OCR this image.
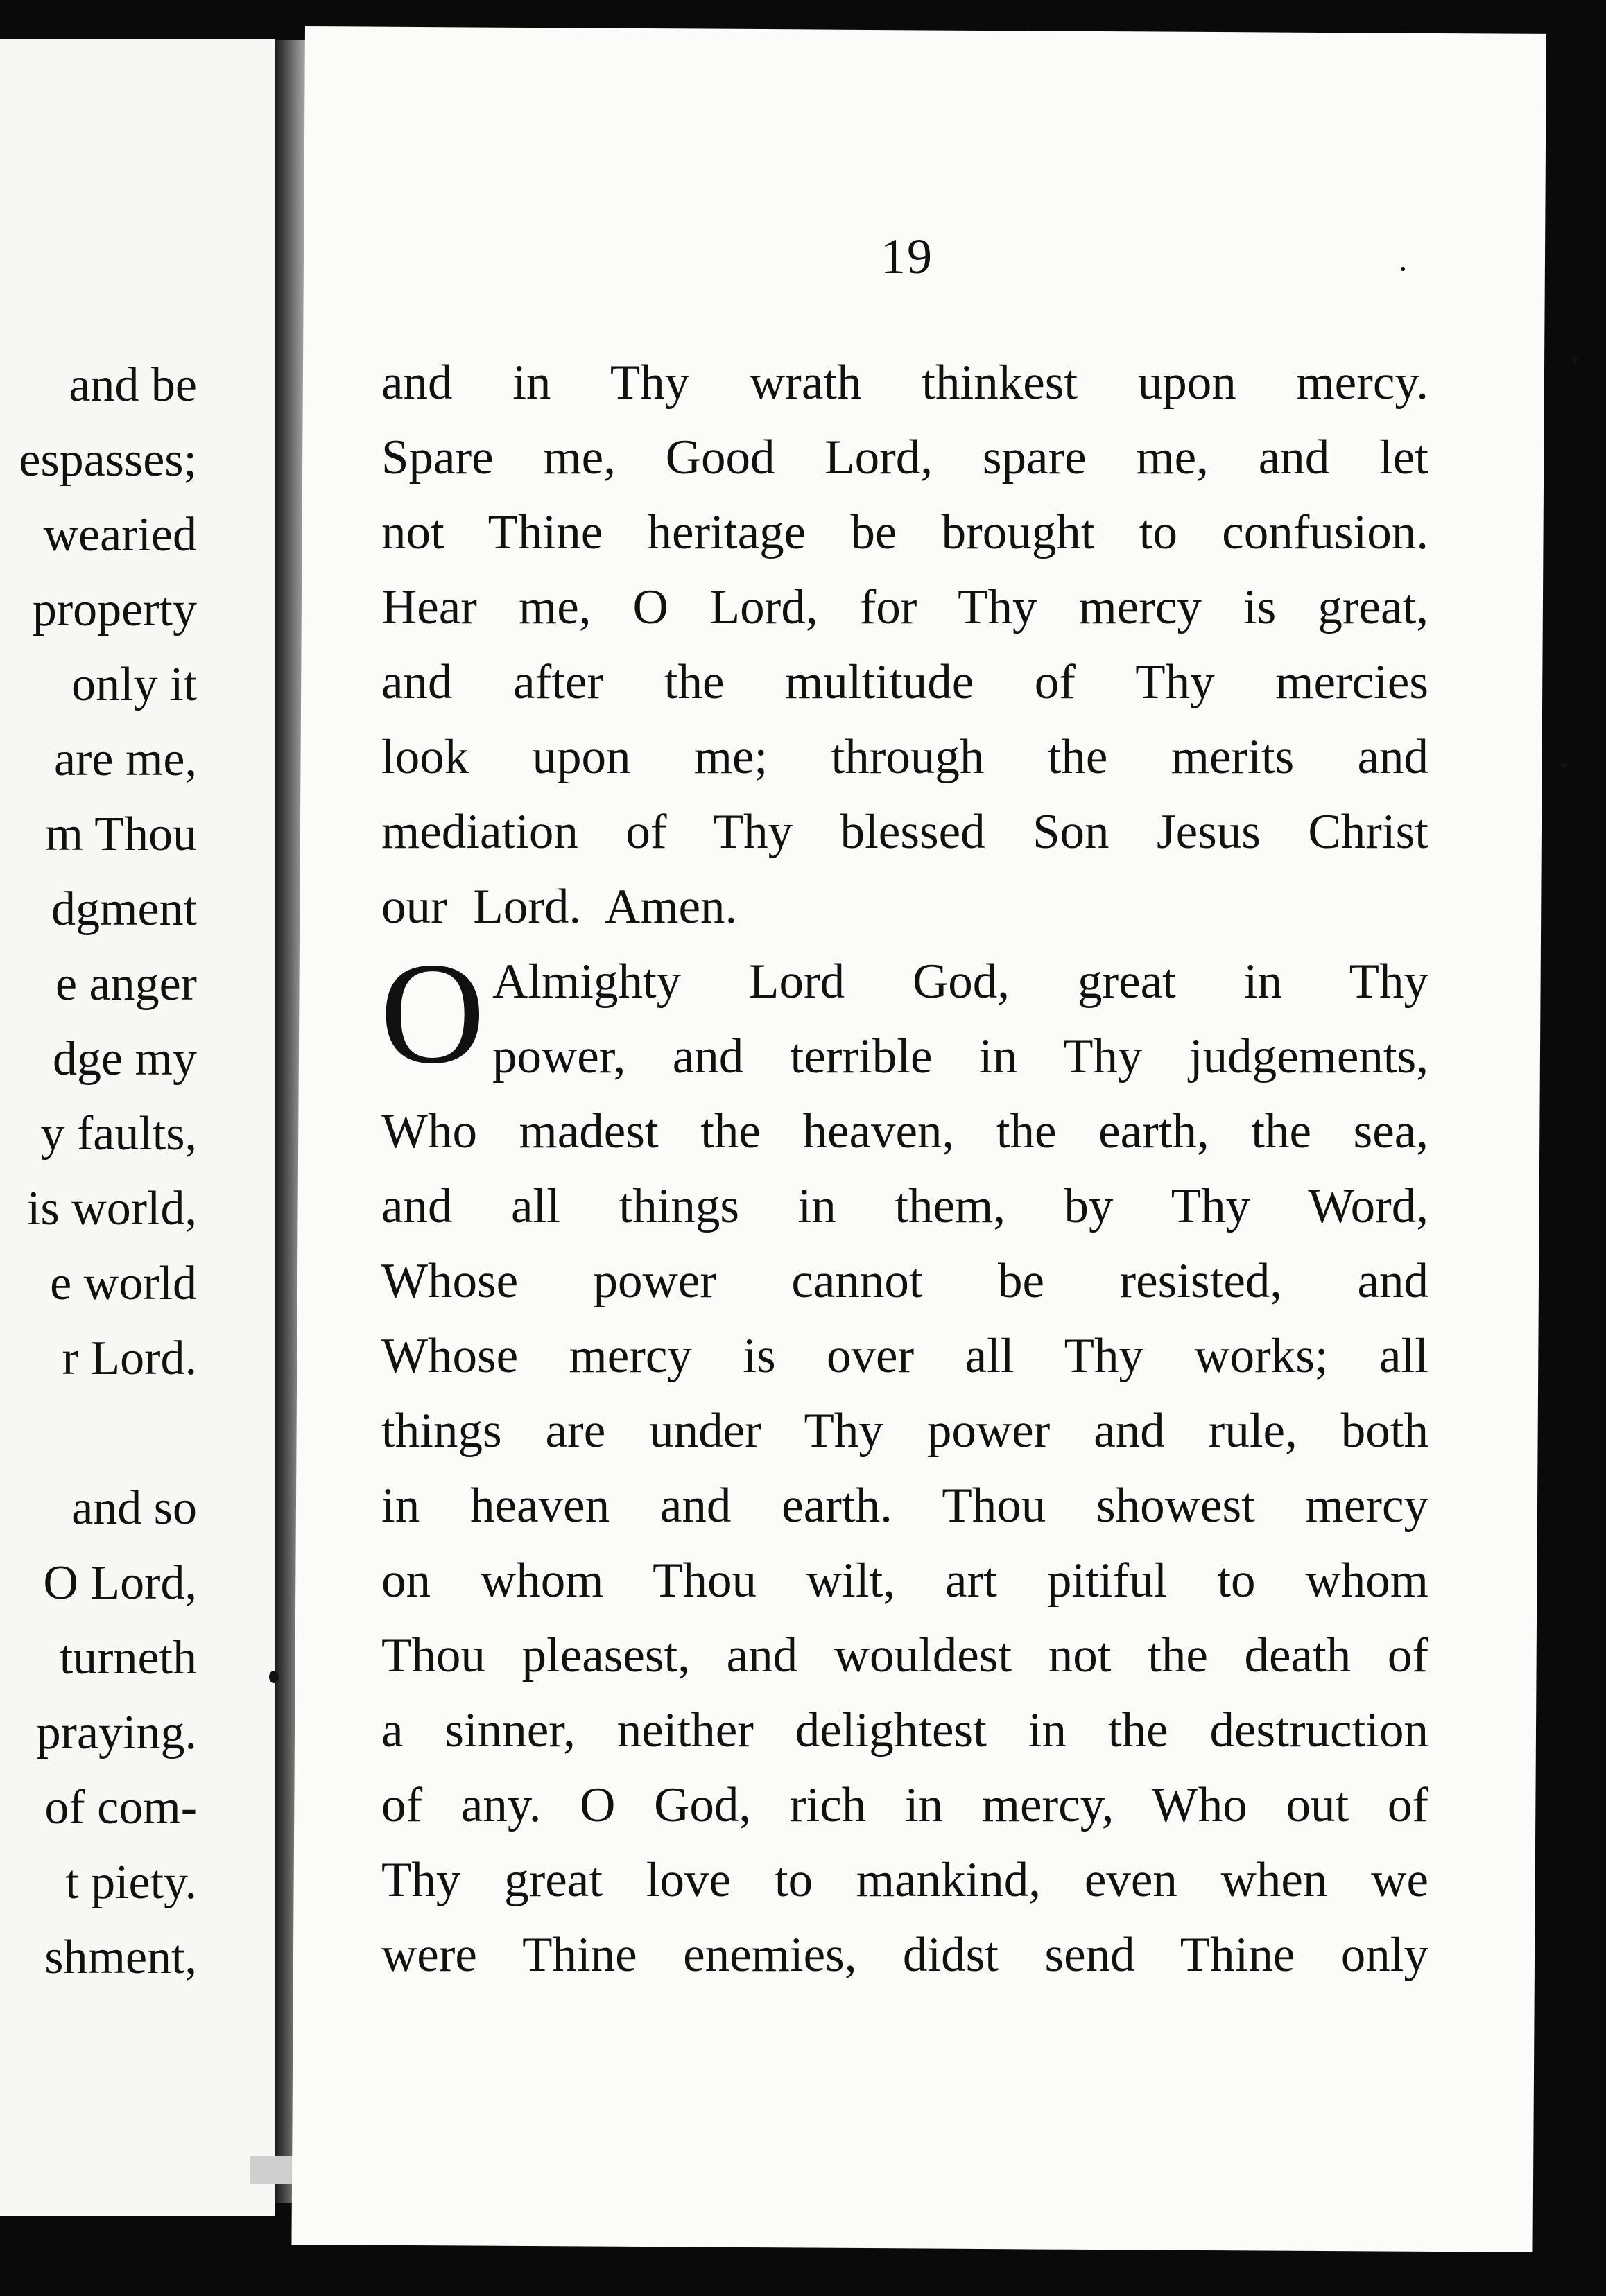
and be
espasses;
wearied
property
only it
are me,
m Thou
dgment
e anger
dge my
y faults,
is world,
e world
r Lord.
and so
O Lord,
turneth
praying.
of com-
t piety.
shment,
19
and in Thy wrath thinkest upon mercy.
Spare me, Good Lord, spare me, and let
not Thine heritage be brought to confusion.
Hear me, O Lord, for Thy mercy is great,
and after the multitude of Thy mercies
look upon me; through the merits and
mediation of Thy blessed Son Jesus Christ
our Lord. Amen.
O Almighty Lord God, great in Thy
power, and terrible in Thy judgements,
Who madest the heaven, the earth, the sea,
and all things in them, by Thy Word,
Whose power cannot be resisted, and
Whose mercy is over all Thy works; all
things are under Thy power and rule, both
in heaven and earth. Thou showest mercy
on whom Thou wilt, art pitiful to whom
Thou pleasest, and wouldest not the death of
a sinner, neither delightest in the destruction
of any. O God, rich in mercy, Who out of
Thy great love to mankind, even when we
were Thine enemies, didst send Thine only
